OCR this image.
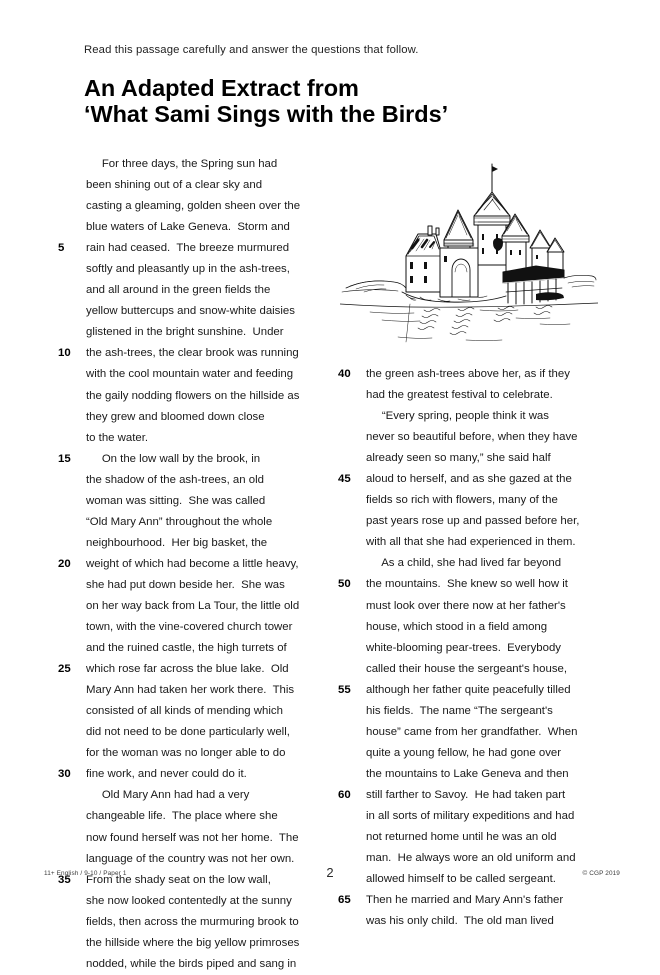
Read this passage carefully and answer the questions that follow.
An Adapted Extract from
‘What Sami Sings with the Birds’
For three days, the Spring sun had
been shining out of a clear sky and
casting a gleaming, golden sheen over the
blue waters of Lake Geneva.  Storm and
5	rain had ceased.  The breeze murmured
softly and pleasantly up in the ash-trees,
and all around in the green fields the
yellow buttercups and snow-white daisies
glistened in the bright sunshine.  Under
10	the ash-trees, the clear brook was running
with the cool mountain water and feeding
the gaily nodding flowers on the hillside as
they grew and bloomed down close
to the water.
15	On the low wall by the brook, in
the shadow of the ash-trees, an old
woman was sitting.  She was called
“Old Mary Ann” throughout the whole
neighbourhood.  Her big basket, the
20	weight of which had become a little heavy,
she had put down beside her.  She was
on her way back from La Tour, the little old
town, with the vine-covered church tower
and the ruined castle, the high turrets of
25	which rose far across the blue lake.  Old
Mary Ann had taken her work there.  This
consisted of all kinds of mending which
did not need to be done particularly well,
for the woman was no longer able to do
30	fine work, and never could do it.
Old Mary Ann had had a very
changeable life.  The place where she
now found herself was not her home.  The
language of the country was not her own.
35	From the shady seat on the low wall,
she now looked contentedly at the sunny
fields, then across the murmuring brook to
the hillside where the big yellow primroses
nodded, while the birds piped and sang in
40	the green ash-trees above her, as if they
had the greatest festival to celebrate.
“Every spring, people think it was
never so beautiful before, when they have
already seen so many,” she said half
45	aloud to herself, and as she gazed at the
fields so rich with flowers, many of the
past years rose up and passed before her,
with all that she had experienced in them.
As a child, she had lived far beyond
50	the mountains.  She knew so well how it
must look over there now at her father's
house, which stood in a field among
white-blooming pear-trees.  Everybody
called their house the sergeant's house,
55	although her father quite peacefully tilled
his fields.  The name “The sergeant's
house” came from her grandfather.  When
quite a young fellow, he had gone over
the mountains to Lake Geneva and then
60	still farther to Savoy.  He had taken part
in all sorts of military expeditions and had
not returned home until he was an old
man.  He always wore an old uniform and
allowed himself to be called sergeant.
65	Then he married and Mary Ann's father
was his only child.  The old man lived
11+ English / 9-10 / Paper 1	2	© CGP 2019
